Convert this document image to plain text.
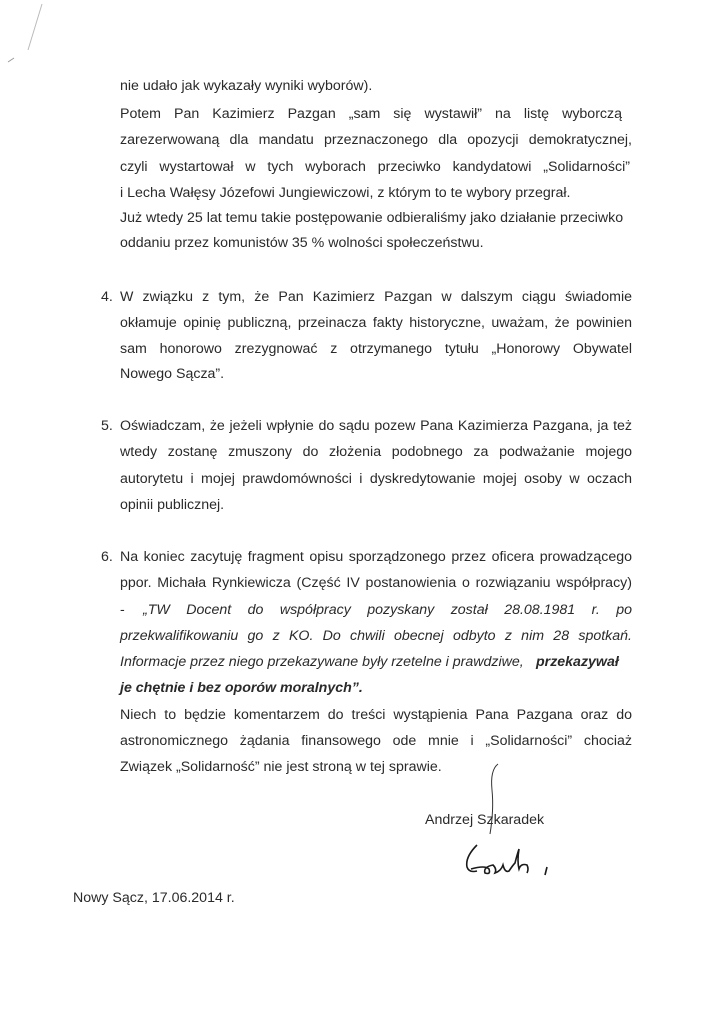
nie udało jak wykazały wyniki wyborów).
Potem Pan Kazimierz Pazgan „sam się wystawił” na listę wyborczą
zarezerwowaną dla mandatu przeznaczonego dla opozycji demokratycznej,
czyli wystartował w tych wyborach przeciwko kandydatowi „Solidarności”
i Lecha Wałęsy Józefowi Jungiewiczowi, z którym to te wybory przegrał.
Już wtedy 25 lat temu takie postępowanie odbieraliśmy jako działanie przeciwko
oddaniu przez komunistów 35 % wolności społeczeństwu.
4. W związku z tym, że Pan Kazimierz Pazgan w dalszym ciągu świadomie
okłamuje opinię publiczną, przeinacza fakty historyczne, uważam, że powinien
sam honorowo zrezygnować z otrzymanego tytułu „Honorowy Obywatel
Nowego Sącza”.
5. Oświadczam, że jeżeli wpłynie do sądu pozew Pana Kazimierza Pazgana, ja też
wtedy zostanę zmuszony do złożenia podobnego za podważanie mojego
autorytetu i mojej prawdomówności i dyskredytowanie mojej osoby w oczach
opinii publicznej.
6. Na koniec zacytuję fragment opisu sporządzonego przez oficera prowadzącego
ppor. Michała Rynkiewicza (Część IV postanowienia o rozwiązaniu współpracy)
- „TW Docent do współpracy pozyskany został 28.08.1981 r. po
przekwalifikowaniu go z KO. Do chwili obecnej odbyto z nim 28 spotkań.
Informacje przez niego przekazywane były rzetelne i prawdziwe, przekazywał
je chętnie i bez oporów moralnych”.
Niech to będzie komentarzem do treści wystąpienia Pana Pazgana oraz do
astronomicznego żądania finansowego ode mnie i „Solidarności” chociaż
Związek „Solidarność” nie jest stroną w tej sprawie.
Andrzej Szkaradek
Nowy Sącz, 17.06.2014 r.
